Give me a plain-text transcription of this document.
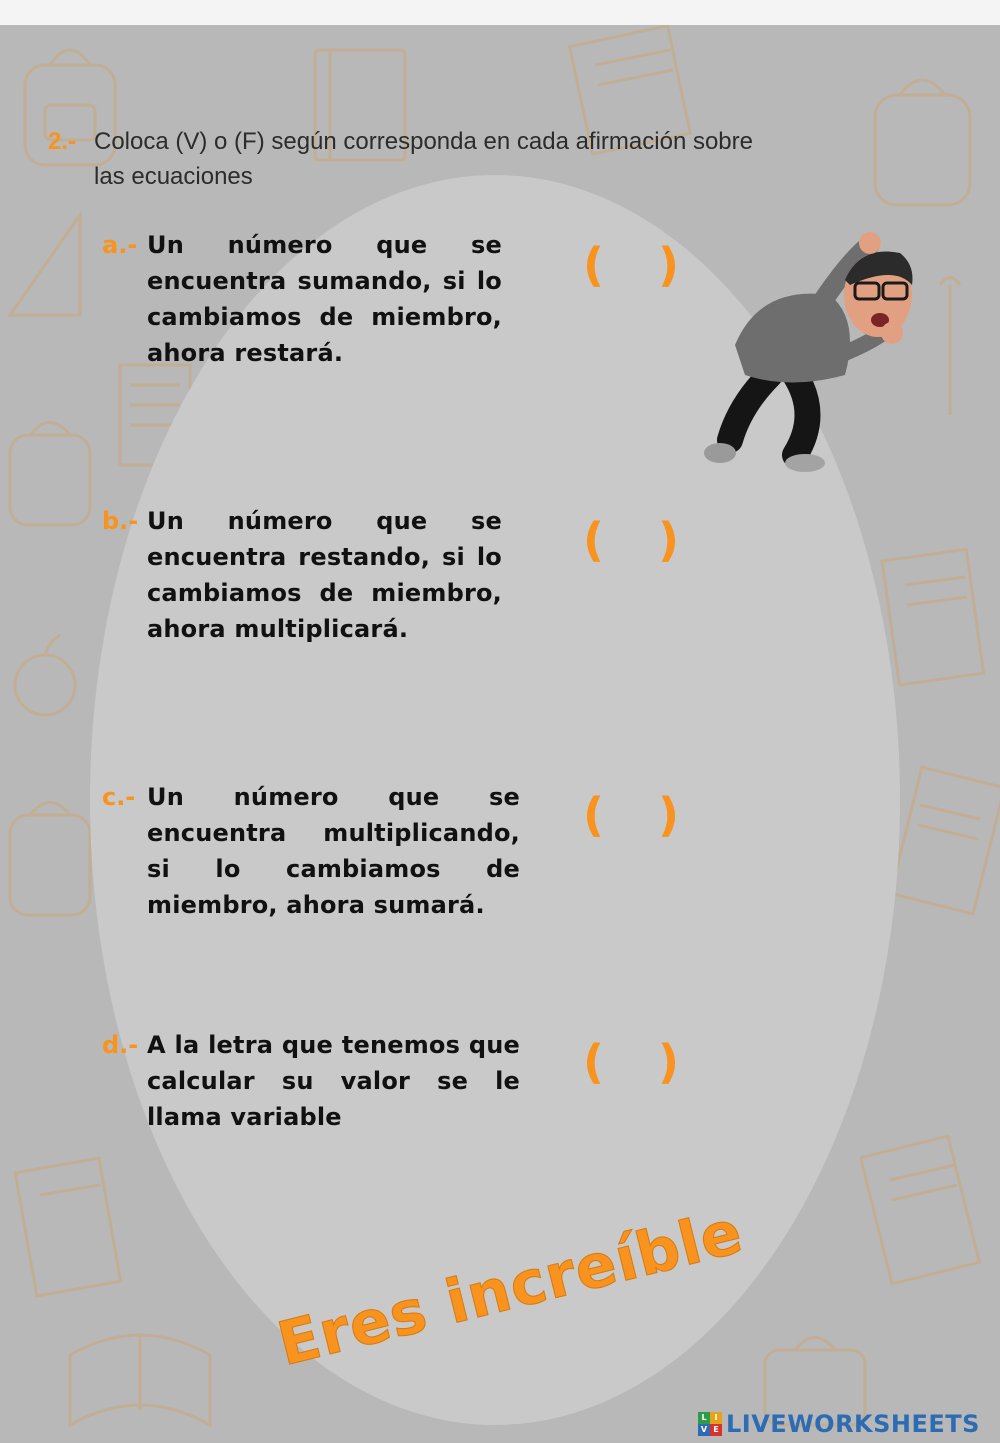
2.- Coloca (V) o (F) según corresponda en cada afirmación sobre las ecuaciones
a.- Un número que se encuentra sumando, si lo cambiamos de miembro, ahora restará.
( )
b.- Un número que se encuentra restando, si lo cambiamos de miembro, ahora multiplicará.
( )
c.- Un número que se encuentra multiplicando, si lo cambiamos de miembro, ahora sumará.
( )
d.- A la letra que tenemos que calcular su valor se le llama variable
( )
Eres increíble
L I
V E LIVEWORKSHEETS
